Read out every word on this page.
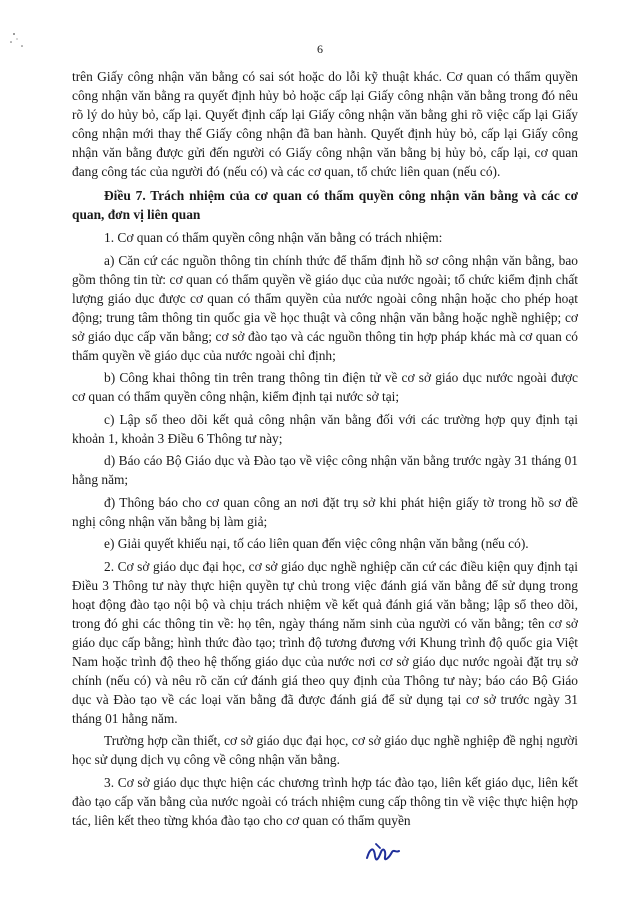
6

trên Giấy công nhận văn bằng có sai sót hoặc do lỗi kỹ thuật khác. Cơ quan có thẩm quyền công nhận văn bằng ra quyết định hủy bỏ hoặc cấp lại Giấy công nhận văn bằng trong đó nêu rõ lý do hủy bỏ, cấp lại. Quyết định cấp lại Giấy công nhận văn bằng ghi rõ việc cấp lại Giấy công nhận mới thay thế Giấy công nhận đã ban hành. Quyết định hủy bỏ, cấp lại Giấy công nhận văn bằng được gửi đến người có Giấy công nhận văn bằng bị hủy bỏ, cấp lại, cơ quan đang công tác của người đó (nếu có) và các cơ quan, tổ chức liên quan (nếu có).

Điều 7. Trách nhiệm của cơ quan có thẩm quyền công nhận văn bằng và các cơ quan, đơn vị liên quan

1. Cơ quan có thẩm quyền công nhận văn bằng có trách nhiệm:

a) Căn cứ các nguồn thông tin chính thức để thẩm định hồ sơ công nhận văn bằng, bao gồm thông tin từ: cơ quan có thẩm quyền về giáo dục của nước ngoài; tổ chức kiểm định chất lượng giáo dục được cơ quan có thẩm quyền của nước ngoài công nhận hoặc cho phép hoạt động; trung tâm thông tin quốc gia về học thuật và công nhận văn bằng hoặc nghề nghiệp; cơ sở giáo dục cấp văn bằng; cơ sở đào tạo và các nguồn thông tin hợp pháp khác mà cơ quan có thẩm quyền về giáo dục của nước ngoài chỉ định;

b) Công khai thông tin trên trang thông tin điện tử về cơ sở giáo dục nước ngoài được cơ quan có thẩm quyền công nhận, kiểm định tại nước sở tại;

c) Lập sổ theo dõi kết quả công nhận văn bằng đối với các trường hợp quy định tại khoản 1, khoản 3 Điều 6 Thông tư này;

d) Báo cáo Bộ Giáo dục và Đào tạo về việc công nhận văn bằng trước ngày 31 tháng 01 hằng năm;

đ) Thông báo cho cơ quan công an nơi đặt trụ sở khi phát hiện giấy tờ trong hồ sơ đề nghị công nhận văn bằng bị làm giả;

e) Giải quyết khiếu nại, tố cáo liên quan đến việc công nhận văn bằng (nếu có).

2. Cơ sở giáo dục đại học, cơ sở giáo dục nghề nghiệp căn cứ các điều kiện quy định tại Điều 3 Thông tư này thực hiện quyền tự chủ trong việc đánh giá văn bằng để sử dụng trong hoạt động đào tạo nội bộ và chịu trách nhiệm về kết quả đánh giá văn bằng; lập sổ theo dõi, trong đó ghi các thông tin về: họ tên, ngày tháng năm sinh của người có văn bằng; tên cơ sở giáo dục cấp bằng; hình thức đào tạo; trình độ tương đương với Khung trình độ quốc gia Việt Nam hoặc trình độ theo hệ thống giáo dục của nước nơi cơ sở giáo dục nước ngoài đặt trụ sở chính (nếu có) và nêu rõ căn cứ đánh giá theo quy định của Thông tư này; báo cáo Bộ Giáo dục và Đào tạo về các loại văn bằng đã được đánh giá để sử dụng tại cơ sở trước ngày 31 tháng 01 hằng năm.

Trường hợp cần thiết, cơ sở giáo dục đại học, cơ sở giáo dục nghề nghiệp đề nghị người học sử dụng dịch vụ công về công nhận văn bằng.

3. Cơ sở giáo dục thực hiện các chương trình hợp tác đào tạo, liên kết giáo dục, liên kết đào tạo cấp văn bằng của nước ngoài có trách nhiệm cung cấp thông tin về việc thực hiện hợp tác, liên kết theo từng khóa đào tạo cho cơ quan có thẩm quyền
